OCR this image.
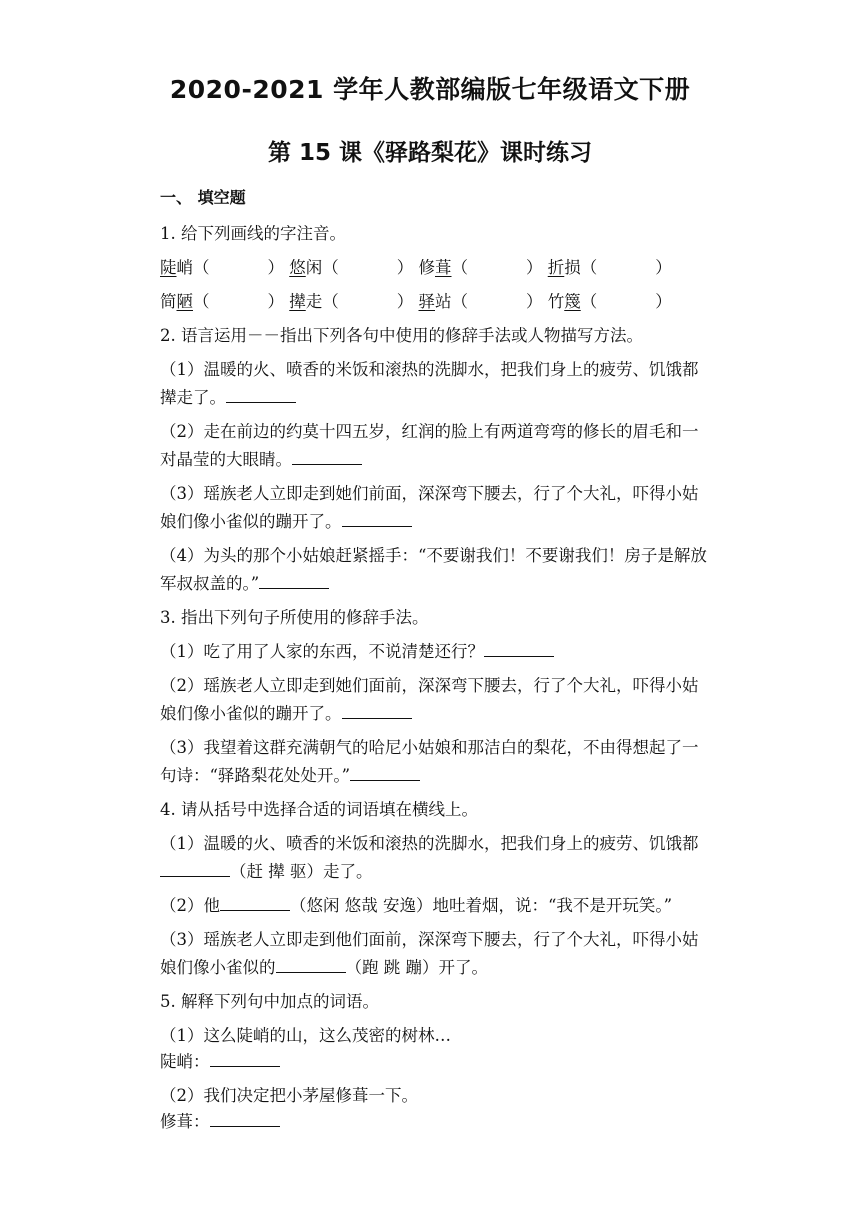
2020-2021 学年人教部编版七年级语文下册
第 15 课《驿路梨花》课时练习
一、 填空题
1. 给下列画线的字注音。
陡峭（	） 悠闲（	） 修葺（	） 折损（	）
简陋（	） 撵走（	） 驿站（	） 竹篾（	）
2. 语言运用－－指出下列各句中使用的修辞手法或人物描写方法。
（1）温暖的火、喷香的米饭和滚热的洗脚水，把我们身上的疲劳、饥饿都
撵走了。
（2）走在前边的约莫十四五岁，红润的脸上有两道弯弯的修长的眉毛和一
对晶莹的大眼睛。
（3）瑶族老人立即走到她们前面，深深弯下腰去，行了个大礼，吓得小姑
娘们像小雀似的蹦开了。
（4）为头的那个小姑娘赶紧摇手：“不要谢我们！不要谢我们！房子是解放
军叔叔盖的。”
3. 指出下列句子所使用的修辞手法。
（1）吃了用了人家的东西，不说清楚还行？
（2）瑶族老人立即走到她们面前，深深弯下腰去，行了个大礼，吓得小姑
娘们像小雀似的蹦开了。
（3）我望着这群充满朝气的哈尼小姑娘和那洁白的梨花，不由得想起了一
句诗：“驿路梨花处处开。”
4. 请从括号中选择合适的词语填在横线上。
（1）温暖的火、喷香的米饭和滚热的洗脚水，把我们身上的疲劳、饥饿都
（赶 撵 驱）走了。
（2）他	（悠闲 悠哉 安逸）地吐着烟，说：“我不是开玩笑。”
（3）瑶族老人立即走到他们面前，深深弯下腰去，行了个大礼，吓得小姑
娘们像小雀似的	（跑 跳 蹦）开了。
5. 解释下列句中加点的词语。
（1）这么陡峭的山，这么茂密的树林…
陡峭：
（2）我们决定把小茅屋修葺一下。
修葺：
